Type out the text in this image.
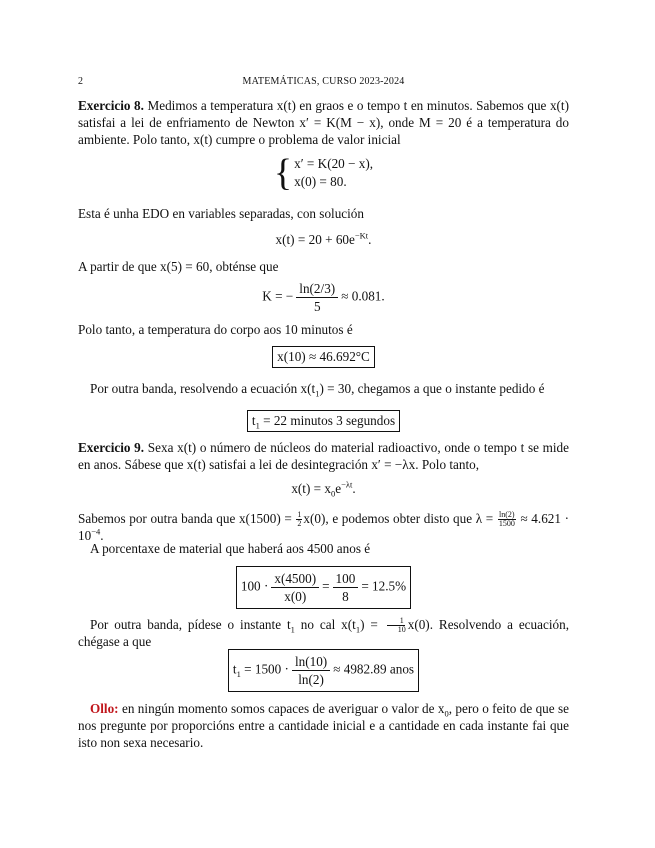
2	MATEMÁTICAS, CURSO 2023-2024
Exercicio 8. Medimos a temperatura x(t) en graos e o tempo t en minutos. Sabemos que x(t) satisfai a lei de enfriamento de Newton x′ = K(M − x), onde M = 20 é a temperatura do ambiente. Polo tanto, x(t) cumpre o problema de valor inicial
{ x′ = K(20 − x),
x(0) = 80.
Esta é unha EDO en variables separadas, con solución
$x(t) = 20 + 60e^{-Kt}$.
A partir de que x(5) = 60, obténse que
K = − $\frac{\ln(2/3)}{5} \approx 0.081$.
Polo tanto, a temperatura do corpo aos 10 minutos é
x(10) ≈ 46.692°C
Por outra banda, resolvendo a ecuación $x(t_1) = 30$, chegamos a que o instante pedido é
$t_1 = 22$ minutos 3 segundos
Exercicio 9. Sexa x(t) o número de núcleos do material radioactivo, onde o tempo t se mide en anos. Sábese que x(t) satisfai a lei de desintegración x′ = −λx. Polo tanto,
$x(t) = x_0e^{-\lambda t}$.
Sabemos por outra banda que $x(1500) = \frac{1}{2} x(0)$, e podemos obter disto que $\lambda = \frac{\ln(2)}{1500} \approx 4.621 \cdot 10^{-4}$.
A porcentaxe de material que haberá aos 4500 anos é
$100 \cdot \frac{x(4500)}{x(0)} = \frac{100}{8} = 12.5\%$
Por outra banda, pídese o instante $t_1$ no cal $x(t_1) = \frac{1}{10} x(0)$. Resolvendo a ecuación, chégase a que
$t_1 = 1500 \cdot \frac{\ln(10)}{\ln(2)} \approx 4982.89$ anos
Ollo: en ningún momento somos capaces de averiguar o valor de $x_0$, pero o feito de que se nos pregunte por proporcións entre a cantidade inicial e a cantidade en cada instante fai que isto non sexa necesario.
